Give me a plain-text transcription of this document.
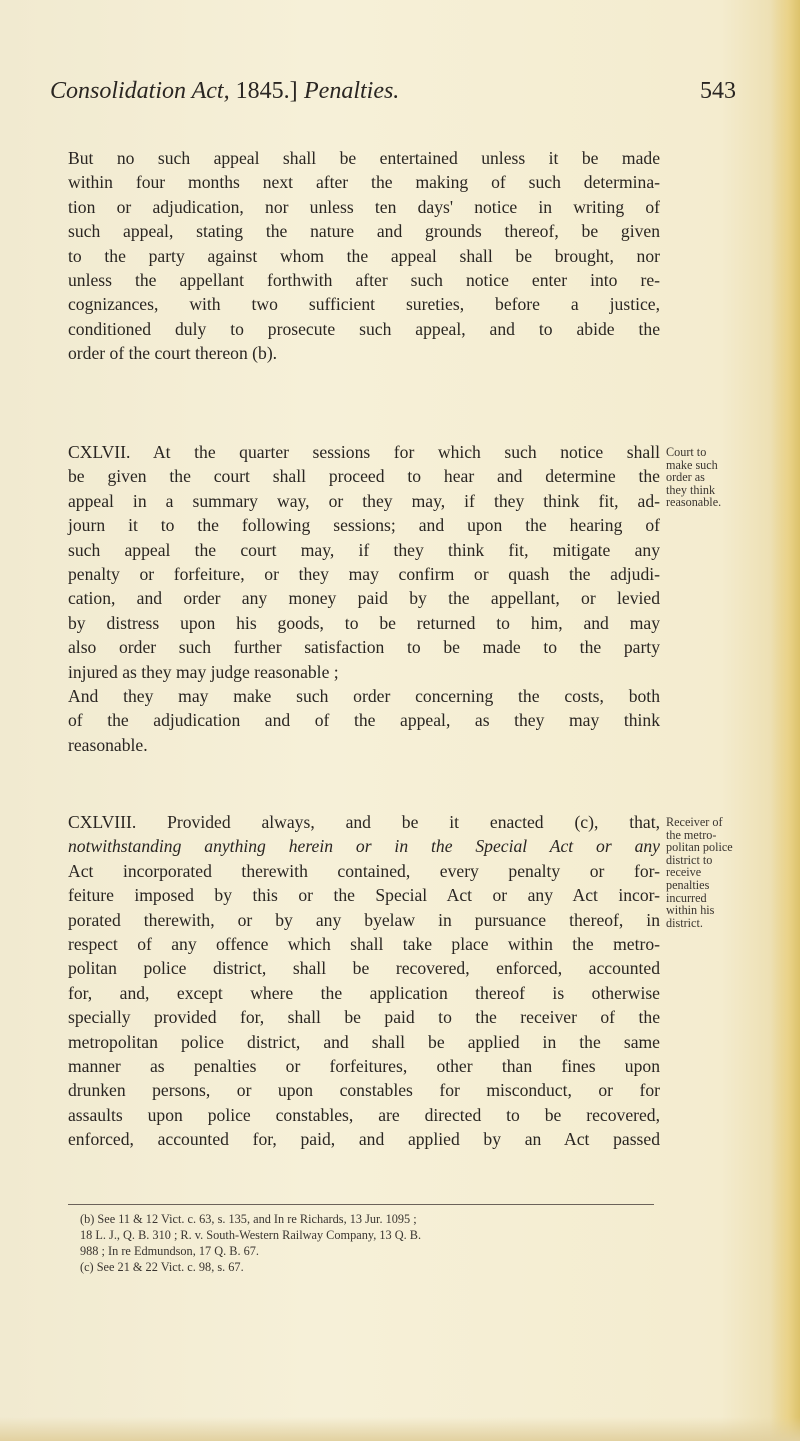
Consolidation Act, 1845.] Penalties.	543
But no such appeal shall be entertained unless it be made
within four months next after the making of such determina-
tion or adjudication, nor unless ten days' notice in writing of
such appeal, stating the nature and grounds thereof, be given
to the party against whom the appeal shall be brought, nor
unless the appellant forthwith after such notice enter into re-
cognizances, with two sufficient sureties, before a justice,
conditioned duly to prosecute such appeal, and to abide the
order of the court thereon (b).
CXLVII. At the quarter sessions for which such notice shall
be given the court shall proceed to hear and determine the
appeal in a summary way, or they may, if they think fit, ad-
journ it to the following sessions; and upon the hearing of
such appeal the court may, if they think fit, mitigate any
penalty or forfeiture, or they may confirm or quash the adjudi-
cation, and order any money paid by the appellant, or levied
by distress upon his goods, to be returned to him, and may
also order such further satisfaction to be made to the party
injured as they may judge reasonable ;
And they may make such order concerning the costs, both
of the adjudication and of the appeal, as they may think
reasonable.
Court to
make such
order as
they think
reasonable.
CXLVIII. Provided always, and be it enacted (c), that,
notwithstanding anything herein or in the Special Act or any
Act incorporated therewith contained, every penalty or for-
feiture imposed by this or the Special Act or any Act incor-
porated therewith, or by any byelaw in pursuance thereof, in
respect of any offence which shall take place within the metro-
politan police district, shall be recovered, enforced, accounted
for, and, except where the application thereof is otherwise
specially provided for, shall be paid to the receiver of the
metropolitan police district, and shall be applied in the same
manner as penalties or forfeitures, other than fines upon
drunken persons, or upon constables for misconduct, or for
assaults upon police constables, are directed to be recovered,
enforced, accounted for, paid, and applied by an Act passed
Receiver of
the metro-
politan police
district to
receive
penalties
incurred
within his
district.
(b) See 11 & 12 Vict. c. 63, s. 135, and In re Richards, 13 Jur. 1095 ;
18 L. J., Q. B. 310 ; R. v. South-Western Railway Company, 13 Q. B.
988 ; In re Edmundson, 17 Q. B. 67.
(c) See 21 & 22 Vict. c. 98, s. 67.
